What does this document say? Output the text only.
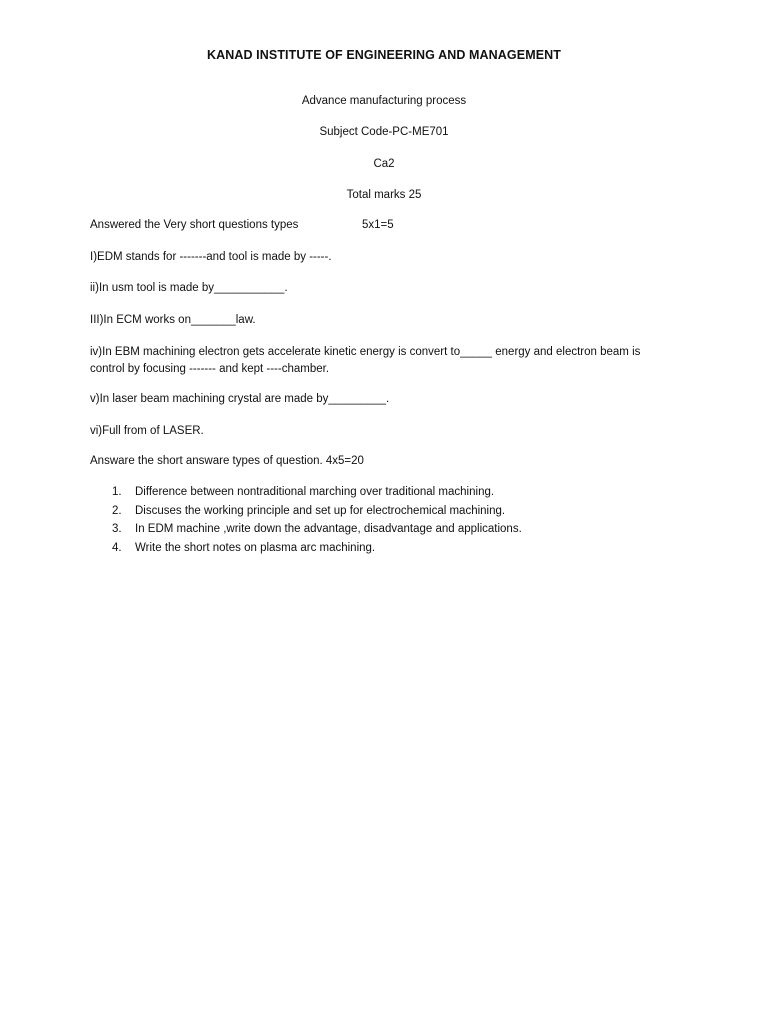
KANAD INSTITUTE OF ENGINEERING AND MANAGEMENT
Advance manufacturing process
Subject Code-PC-ME701
Ca2
Total marks 25
Answered the Very short questions types	5x1=5
I)EDM stands for -------and tool is made by -----.
ii)In usm tool is made by___________.
III)In ECM works on_______law.
iv)In EBM machining electron gets accelerate kinetic energy is convert to_____ energy and electron beam is control by focusing ------- and kept ----chamber.
v)In laser beam machining crystal are made by_________.
vi)Full from of LASER.
Answare the short answare types of question. 4x5=20
1. Difference between nontraditional marching over traditional machining.
2. Discuses the working principle and set up for electrochemical machining.
3. In EDM machine ,write down the advantage, disadvantage and applications.
4. Write the short notes on plasma arc machining.
